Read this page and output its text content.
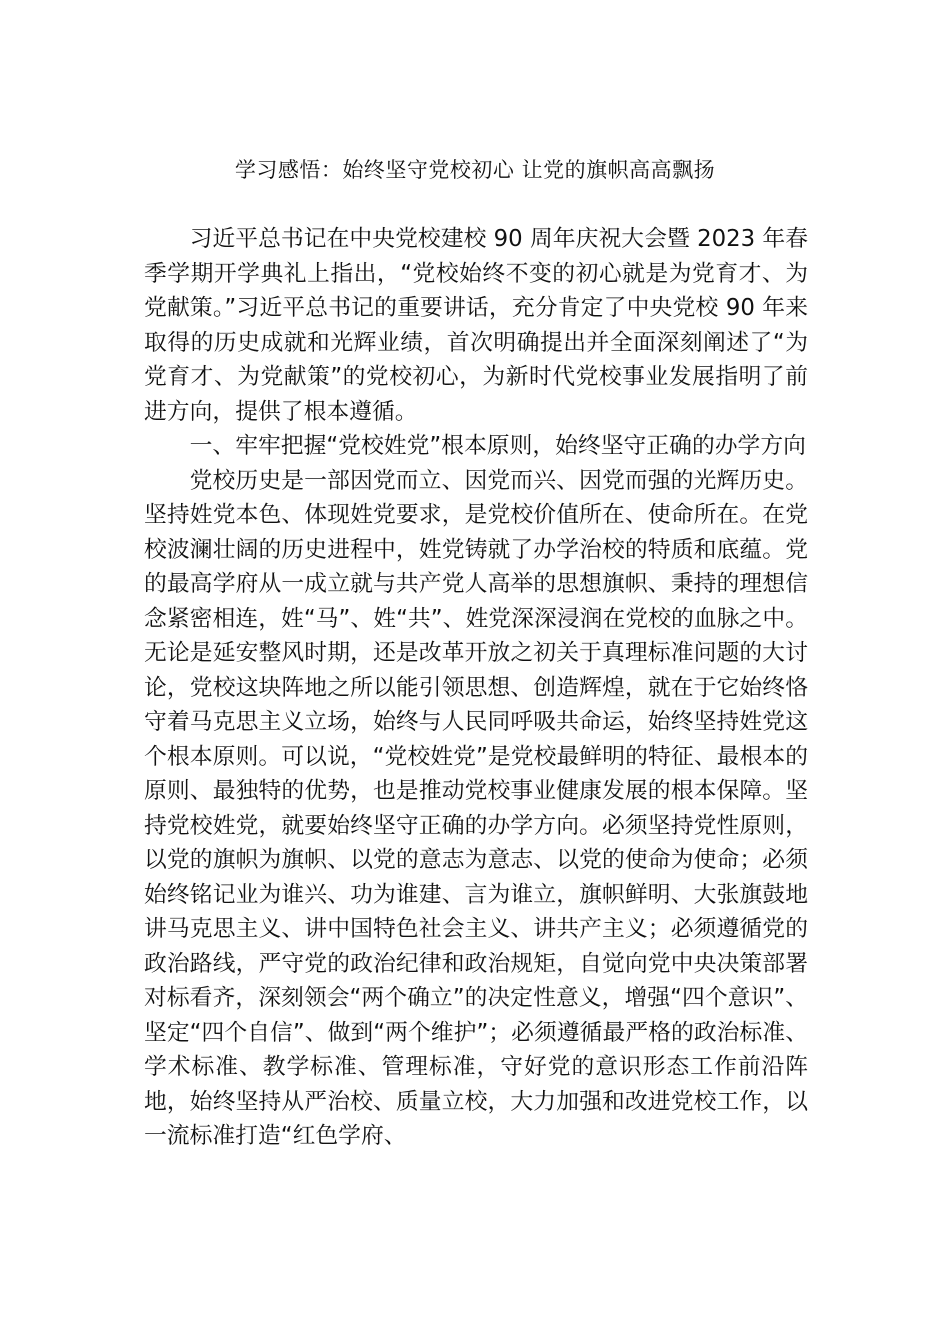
学习感悟：始终坚守党校初心 让党的旗帜高高飘扬

习近平总书记在中央党校建校 90 周年庆祝大会暨 2023 年春季学期开学典礼上指出，“党校始终不变的初心就是为党育才、为党献策。”习近平总书记的重要讲话，充分肯定了中央党校 90 年来取得的历史成就和光辉业绩，首次明确提出并全面深刻阐述了“为党育才、为党献策”的党校初心，为新时代党校事业发展指明了前进方向，提供了根本遵循。

一、牢牢把握“党校姓党”根本原则，始终坚守正确的办学方向

党校历史是一部因党而立、因党而兴、因党而强的光辉历史。坚持姓党本色、体现姓党要求，是党校价值所在、使命所在。在党校波澜壮阔的历史进程中，姓党铸就了办学治校的特质和底蕴。党的最高学府从一成立就与共产党人高举的思想旗帜、秉持的理想信念紧密相连，姓“马”、姓“共”、姓党深深浸润在党校的血脉之中。无论是延安整风时期，还是改革开放之初关于真理标准问题的大讨论，党校这块阵地之所以能引领思想、创造辉煌，就在于它始终恪守着马克思主义立场，始终与人民同呼吸共命运，始终坚持姓党这个根本原则。可以说，“党校姓党”是党校最鲜明的特征、最根本的原则、最独特的优势，也是推动党校事业健康发展的根本保障。坚持党校姓党，就要始终坚守正确的办学方向。必须坚持党性原则，以党的旗帜为旗帜、以党的意志为意志、以党的使命为使命；必须始终铭记业为谁兴、功为谁建、言为谁立，旗帜鲜明、大张旗鼓地讲马克思主义、讲中国特色社会主义、讲共产主义；必须遵循党的政治路线，严守党的政治纪律和政治规矩，自觉向党中央决策部署对标看齐，深刻领会“两个确立”的决定性意义，增强“四个意识”、坚定“四个自信”、做到“两个维护”；必须遵循最严格的政治标准、学术标准、教学标准、管理标准，守好党的意识形态工作前沿阵地，始终坚持从严治校、质量立校，大力加强和改进党校工作，以一流标准打造“红色学府、
